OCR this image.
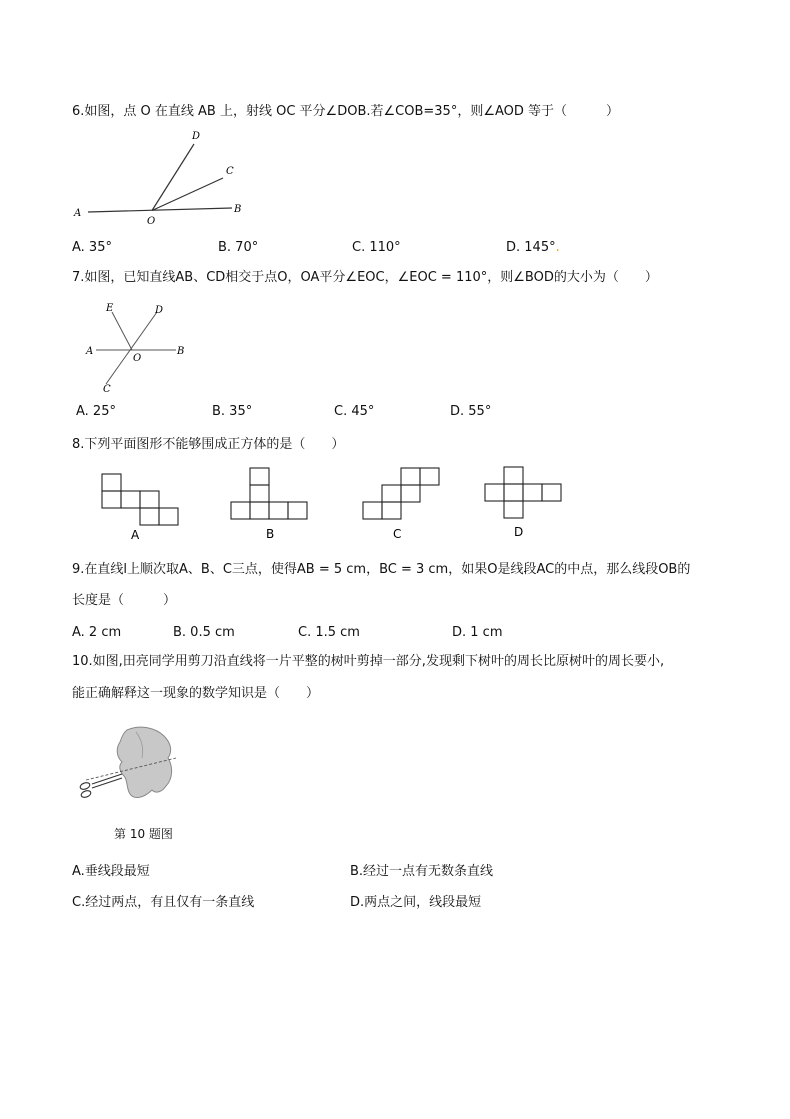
6.如图，点 O 在直线 AB 上，射线 OC 平分∠DOB.若∠COB=35°，则∠AOD 等于（　　　）
A	B
C
D
O
A. 35°	B. 70°	C. 110°	D. 145°.
7.如图，已知直线AB、CD相交于点O，OA平分∠EOC，∠EOC = 110°，则∠BOD的大小为（　　）
A	B
C
D
E
O
A. 25°	B. 35°	C. 45°	D. 55°
8.下列平面图形不能够围成正方体的是（　　）
A	B	C	D
9.在直线l上顺次取A、B、C三点，使得AB = 5 cm，BC = 3 cm，如果O是线段AC的中点，那么线段OB的
长度是（　　　）
A. 2 cm	B. 0.5 cm	C. 1.5 cm	D. 1 cm
10.如图,田亮同学用剪刀沿直线将一片平整的树叶剪掉一部分,发现剩下树叶的周长比原树叶的周长要小,
能正确解释这一现象的数学知识是（　　）
第 10 题图
A.垂线段最短	B.经过一点有无数条直线
C.经过两点，有且仅有一条直线	D.两点之间，线段最短
